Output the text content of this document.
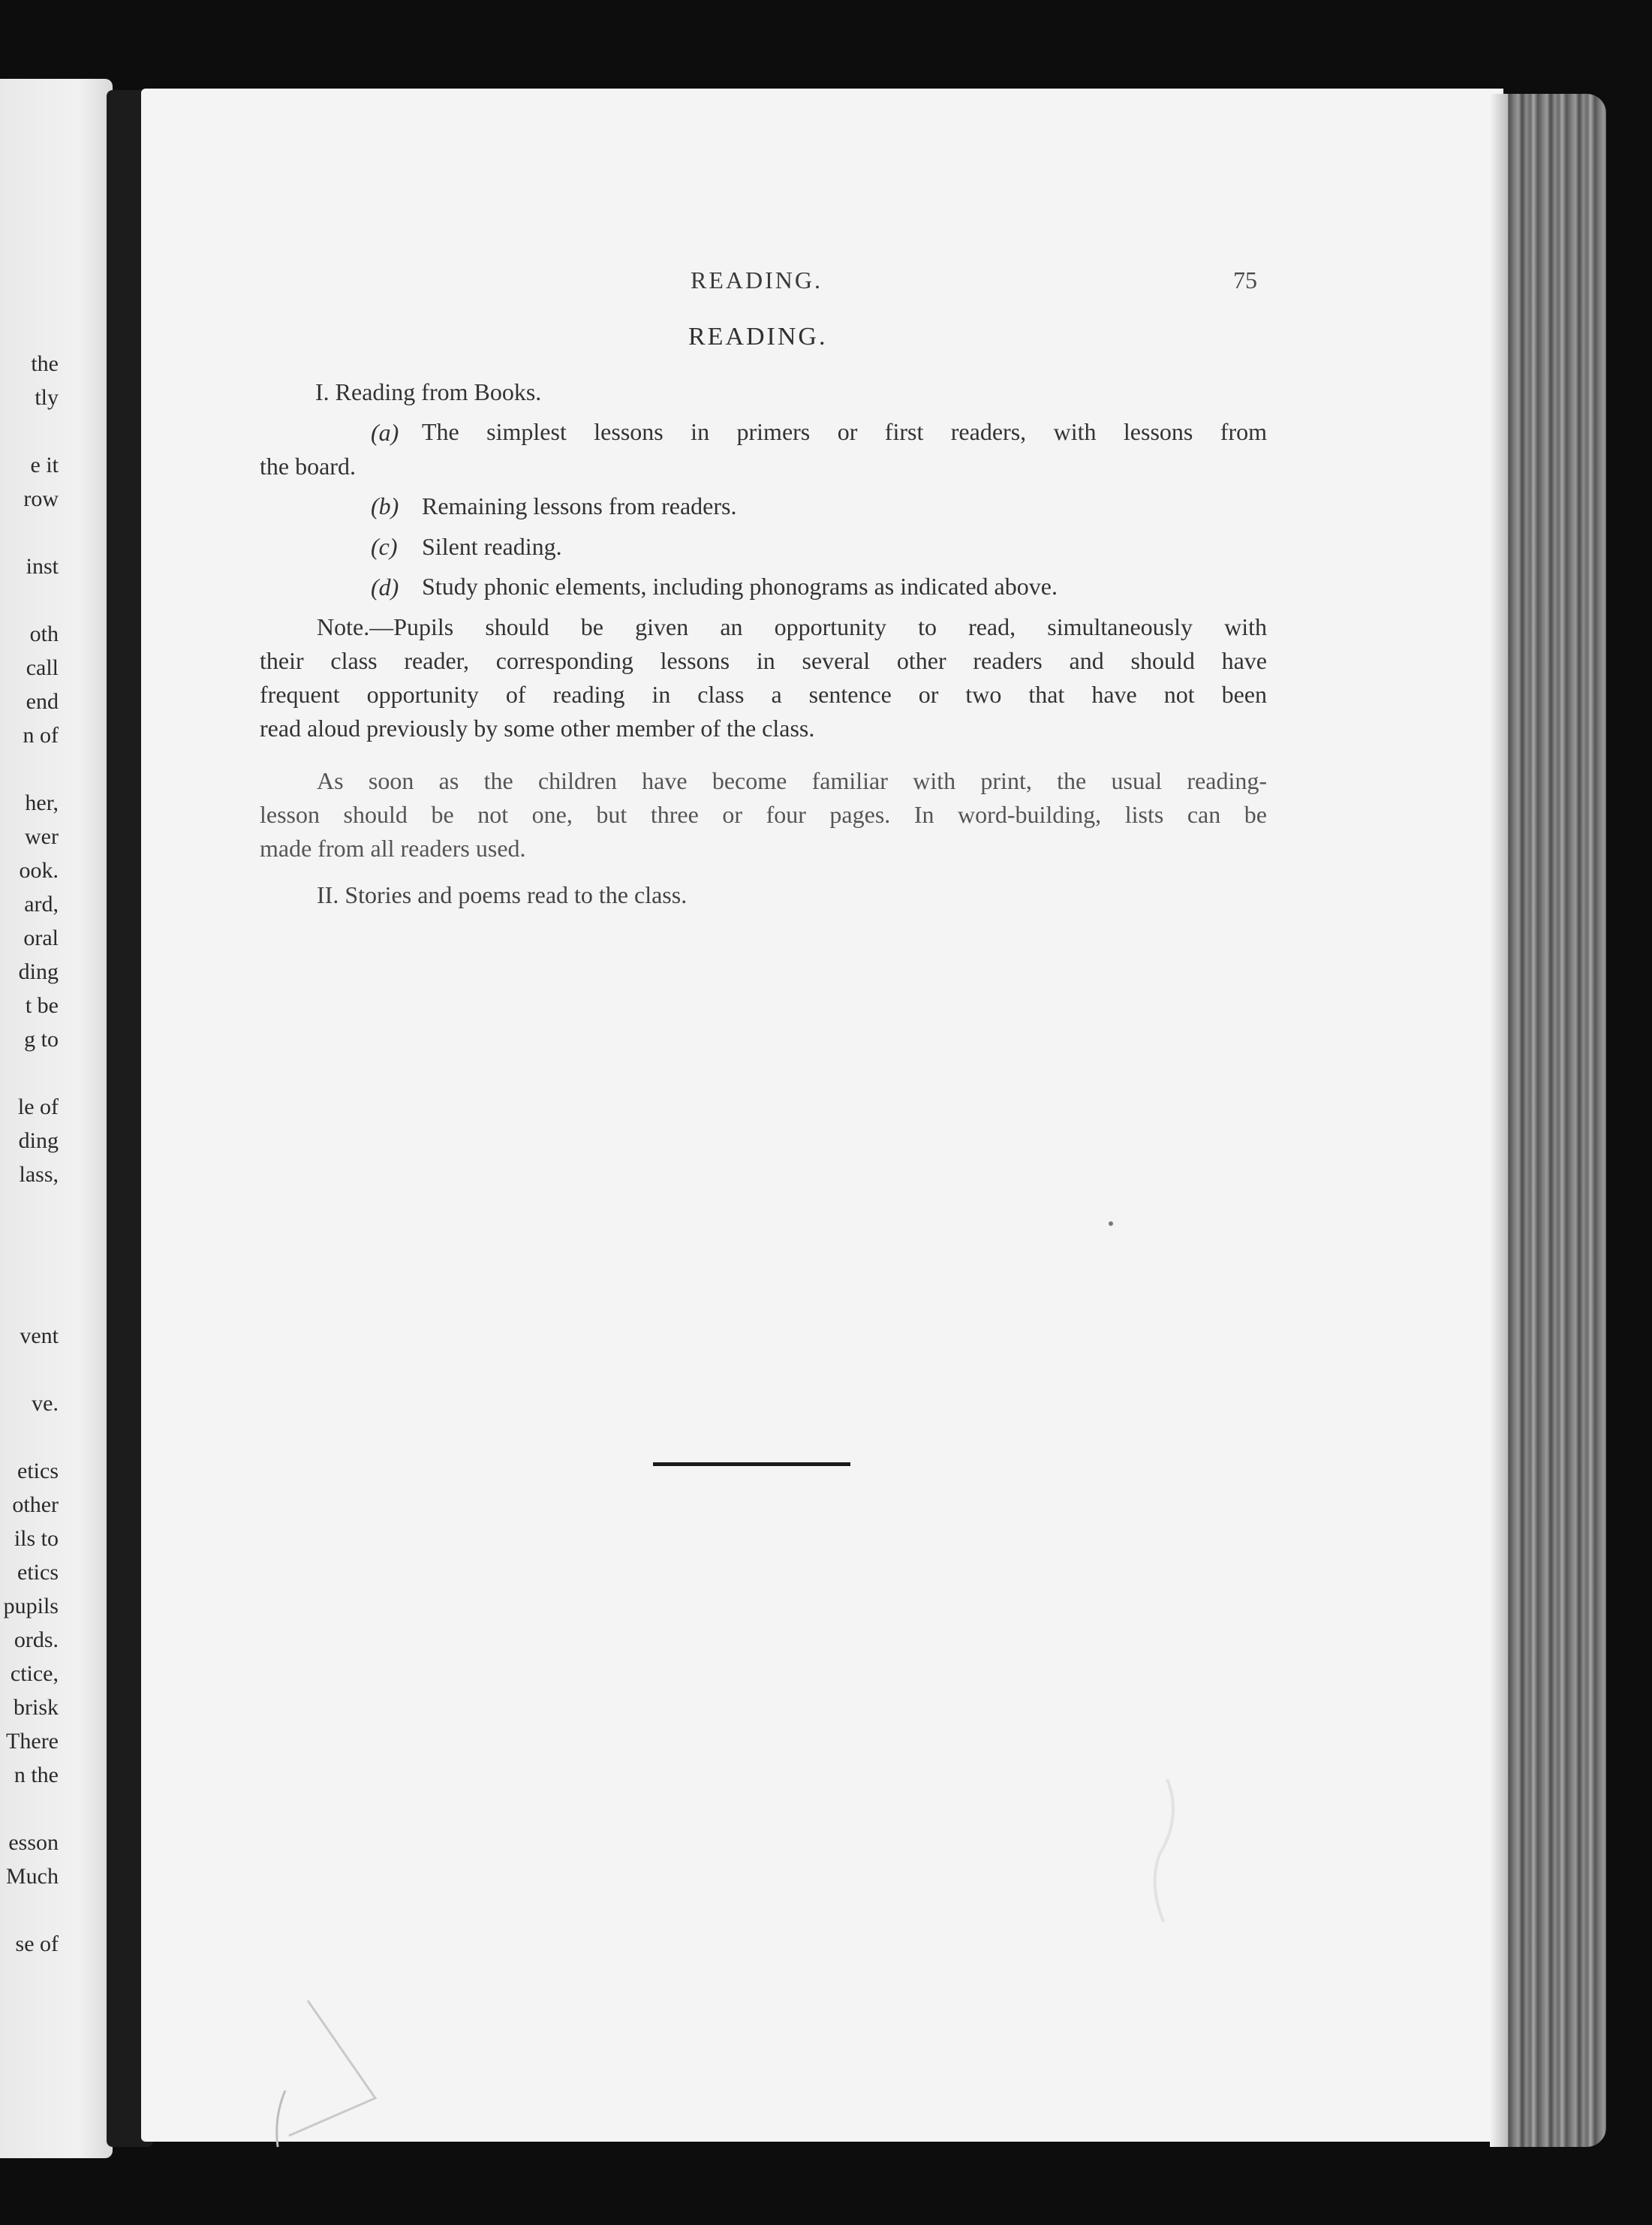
the
tly
e it
row
inst
oth
call
end
n of
her,
wer
ook.
ard,
oral
ding
t be
g to
le of
ding
lass,
vent
ve.
etics
other
ils to
etics
pupils
ords.
ctice,
brisk
There
n the
esson
Much
se of
READING.	75
READING.
I. Reading from Books.
(a) The simplest lessons in primers or first readers, with lessons from
the board.
(b) Remaining lessons from readers.
(c) Silent reading.
(d) Study phonic elements, including phonograms as indicated above.
Note.—Pupils should be given an opportunity to read, simultaneously with
their class reader, corresponding lessons in several other readers and should have
frequent opportunity of reading in class a sentence or two that have not been
read aloud previously by some other member of the class.
As soon as the children have become familiar with print, the usual reading-
lesson should be not one, but three or four pages. In word-building, lists can be
made from all readers used.
II. Stories and poems read to the class.
